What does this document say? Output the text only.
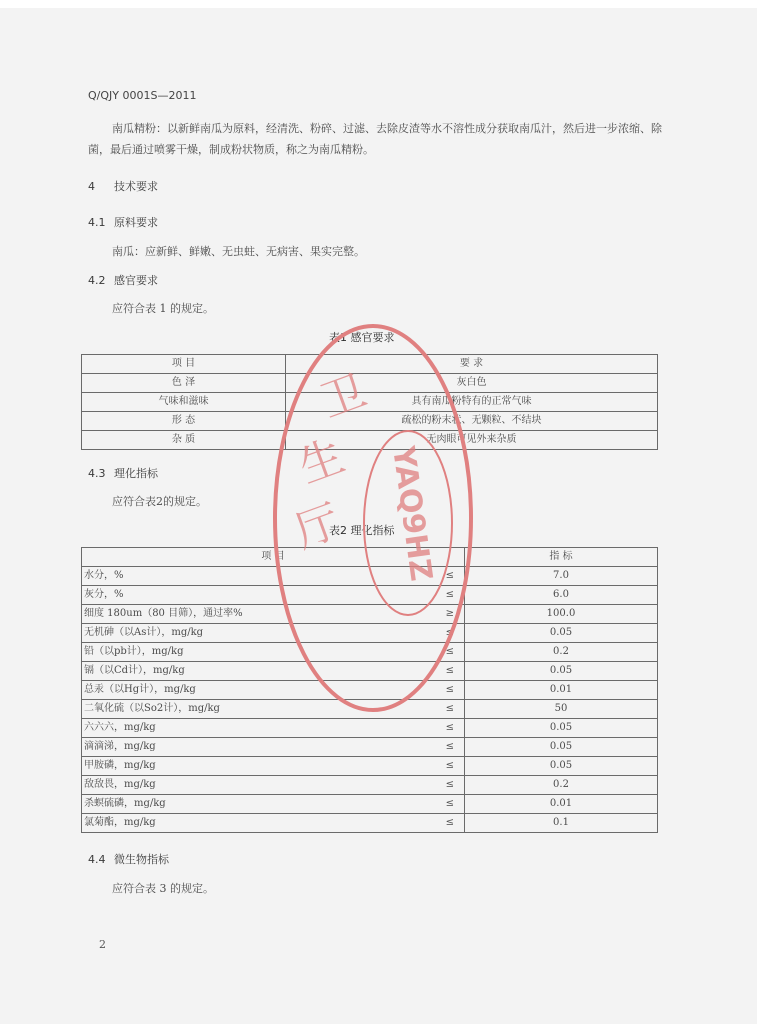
Q/QJY 0001S—2011
南瓜精粉：以新鲜南瓜为原料，经清洗、粉碎、过滤、去除皮渣等水不溶性成分获取南瓜汁，然后进一步浓缩、除菌，最后通过喷雾干燥，制成粉状物质，称之为南瓜精粉。
4 技术要求
4.1 原料要求
南瓜：应新鲜、鲜嫩、无虫蛀、无病害、果实完整。
4.2 感官要求
应符合表 1 的规定。
表1 感官要求
项 目	要 求
色 泽	灰白色
气味和滋味	具有南瓜粉特有的正常气味
形 态	疏松的粉末状、无颗粒、不结块
杂 质	无肉眼可见外来杂质
4.3 理化指标
应符合表2的规定。
表2 理化指标
项 目		指 标
水分，%	≤	7.0
灰分，%	≤	6.0
细度 180um（80 目筛），通过率%	≥	100.0
无机砷（以As计），mg/kg	≤	0.05
铅（以pb计），mg/kg	≤	0.2
镉（以Cd计），mg/kg	≤	0.05
总汞（以Hg计），mg/kg	≤	0.01
二氧化硫（以So2计），mg/kg	≤	50
六六六，mg/kg	≤	0.05
滴滴涕，mg/kg	≤	0.05
甲胺磷，mg/kg	≤	0.05
敌敌畏，mg/kg	≤	0.2
杀螟硫磷，mg/kg	≤	0.01
氯菊酯，mg/kg	≤	0.1
4.4 微生物指标
应符合表 3 的规定。
2
卫
生
厅 YAQ9HZ
